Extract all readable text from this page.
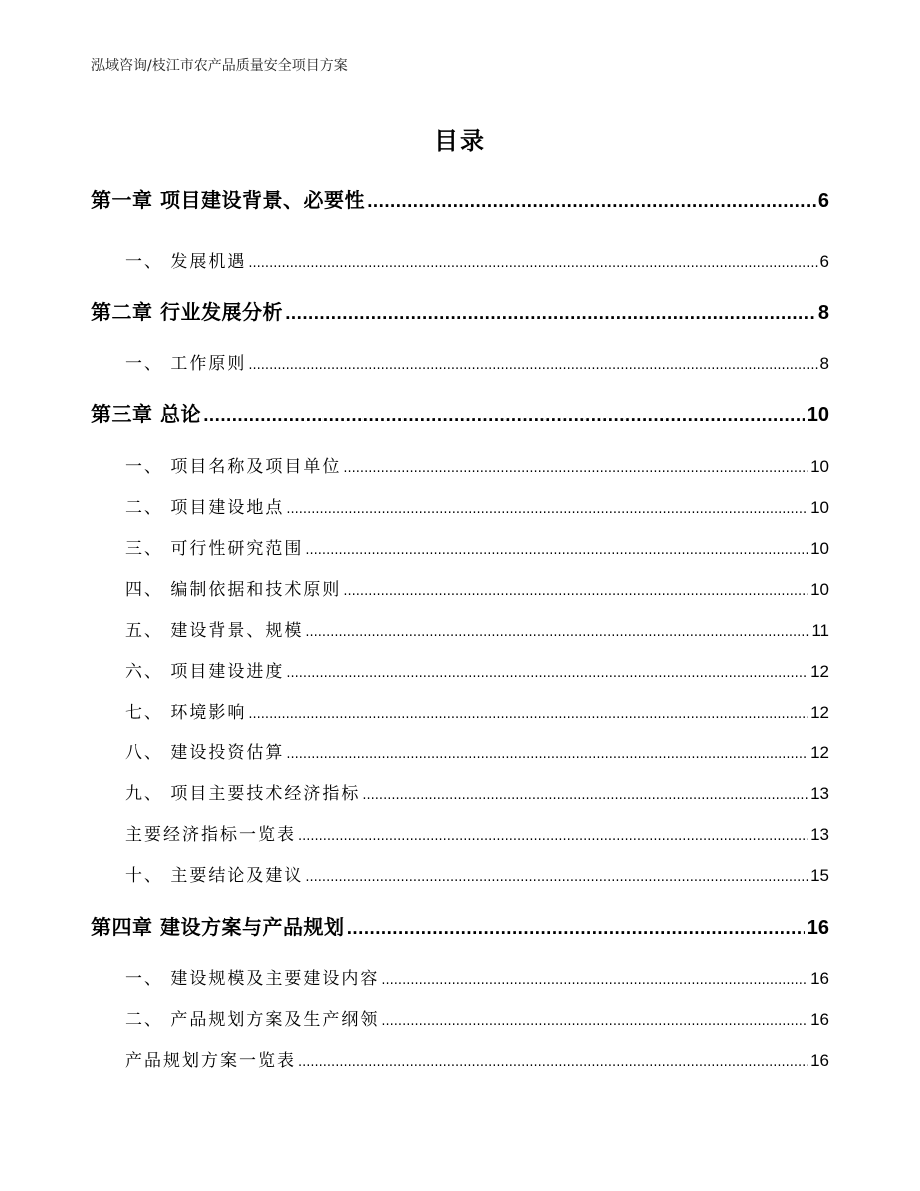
泓域咨询/枝江市农产品质量安全项目方案
目录
第一章 项目建设背景、必要性 .....	6
一、 发展机遇 .....	6
第二章 行业发展分析 .....	8
一、 工作原则 .....	8
第三章 总论 .....	10
一、 项目名称及项目单位 .....	10
二、 项目建设地点 .....	10
三、 可行性研究范围 .....	10
四、 编制依据和技术原则 .....	10
五、 建设背景、规模 .....	11
六、 项目建设进度 .....	12
七、 环境影响 .....	12
八、 建设投资估算 .....	12
九、 项目主要技术经济指标 .....	13
主要经济指标一览表 .....	13
十、 主要结论及建议 .....	15
第四章 建设方案与产品规划 .....	16
一、 建设规模及主要建设内容 .....	16
二、 产品规划方案及生产纲领 .....	16
产品规划方案一览表 .....	16
